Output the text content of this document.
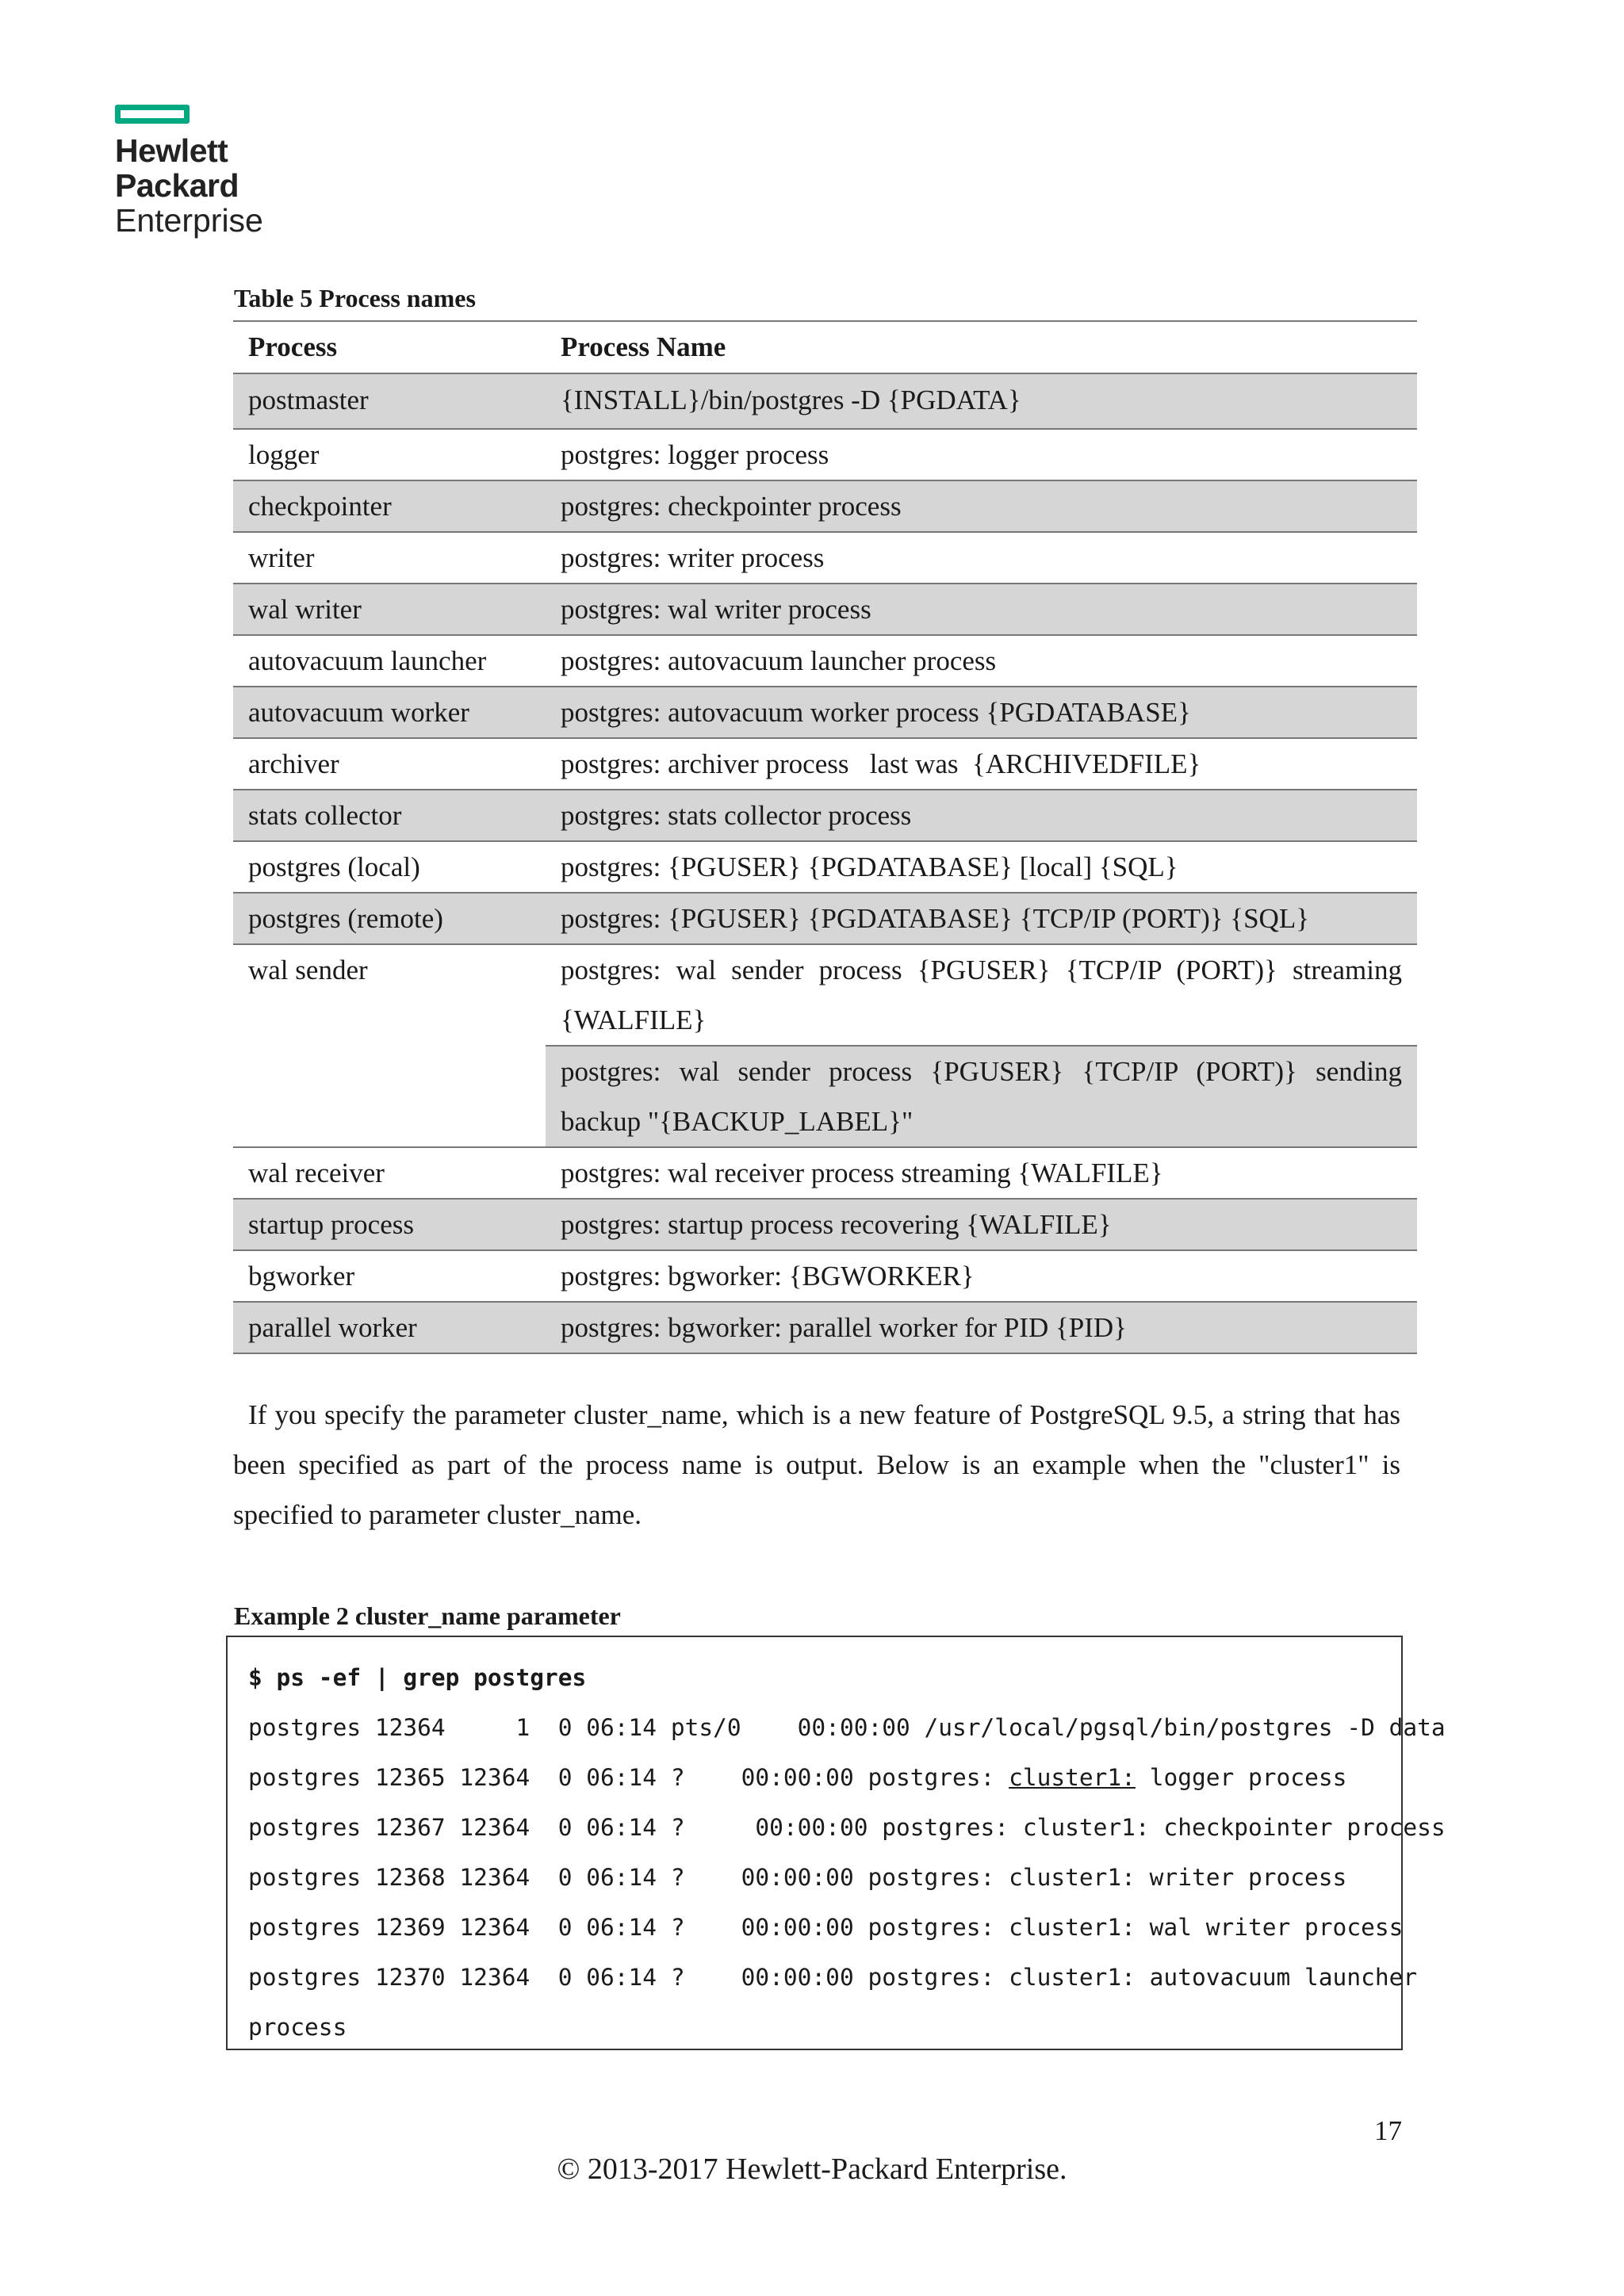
Hewlett Packard
Enterprise
Table 5 Process names
Process	Process Name
postmaster	{INSTALL}/bin/postgres -D {PGDATA}
logger	postgres: logger process
checkpointer	postgres: checkpointer process
writer	postgres: writer process
wal writer	postgres: wal writer process
autovacuum launcher	postgres: autovacuum launcher process
autovacuum worker	postgres: autovacuum worker process {PGDATABASE}
archiver	postgres: archiver process   last was  {ARCHIVEDFILE}
stats collector	postgres: stats collector process
postgres (local)	postgres: {PGUSER} {PGDATABASE} [local] {SQL}
postgres (remote)	postgres: {PGUSER} {PGDATABASE} {TCP/IP (PORT)} {SQL}
wal sender	postgres: wal sender process {PGUSER} {TCP/IP (PORT)} streaming {WALFILE}
	postgres: wal sender process {PGUSER} {TCP/IP (PORT)} sending backup "{BACKUP_LABEL}"
wal receiver	postgres: wal receiver process streaming {WALFILE}
startup process	postgres: startup process recovering {WALFILE}
bgworker	postgres: bgworker: {BGWORKER}
parallel worker	postgres: bgworker: parallel worker for PID {PID}
If you specify the parameter cluster_name, which is a new feature of PostgreSQL 9.5, a string that has been specified as part of the process name is output. Below is an example when the "cluster1" is specified to parameter cluster_name.
Example 2 cluster_name parameter
$ ps -ef | grep postgres
postgres 12364     1  0 06:14 pts/0    00:00:00 /usr/local/pgsql/bin/postgres -D data
postgres 12365 12364  0 06:14 ?    00:00:00 postgres: cluster1: logger process
postgres 12367 12364  0 06:14 ?     00:00:00 postgres: cluster1: checkpointer process
postgres 12368 12364  0 06:14 ?    00:00:00 postgres: cluster1: writer process
postgres 12369 12364  0 06:14 ?    00:00:00 postgres: cluster1: wal writer process
postgres 12370 12364  0 06:14 ?    00:00:00 postgres: cluster1: autovacuum launcher
process
17
© 2013-2017 Hewlett-Packard Enterprise.
